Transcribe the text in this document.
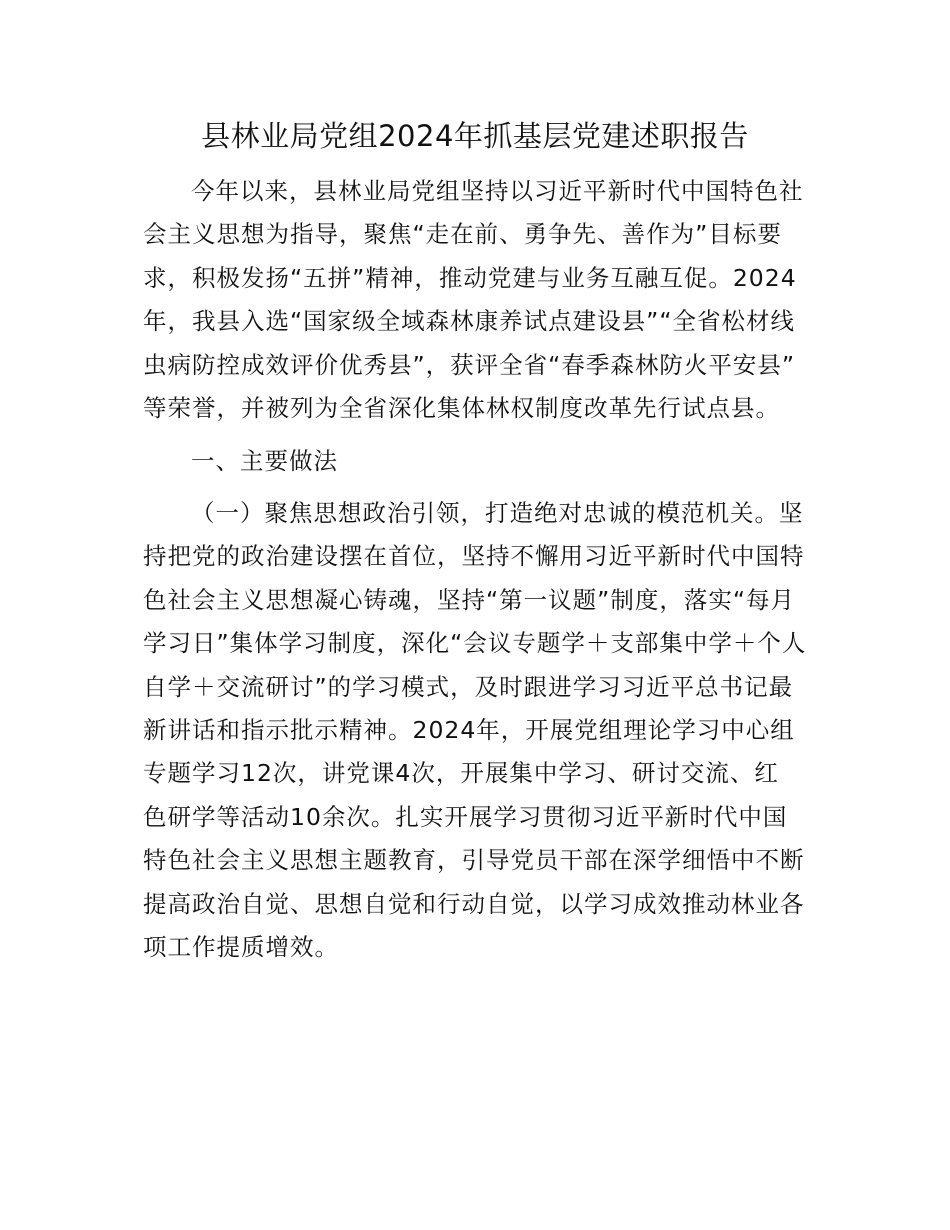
县林业局党组2024年抓基层党建述职报告
今年以来，县林业局党组坚持以习近平新时代中国特色社
会主义思想为指导，聚焦“走在前、勇争先、善作为”目标要
求，积极发扬“五拼”精神，推动党建与业务互融互促。2024
年，我县入选“国家级全域森林康养试点建设县”“全省松材线
虫病防控成效评价优秀县”，获评全省“春季森林防火平安县”
等荣誉，并被列为全省深化集体林权制度改革先行试点县。
一、主要做法
（一）聚焦思想政治引领，打造绝对忠诚的模范机关。坚
持把党的政治建设摆在首位，坚持不懈用习近平新时代中国特
色社会主义思想凝心铸魂，坚持“第一议题”制度，落实“每月
学习日”集体学习制度，深化“会议专题学＋支部集中学＋个人
自学＋交流研讨”的学习模式，及时跟进学习习近平总书记最
新讲话和指示批示精神。2024年，开展党组理论学习中心组
专题学习12次，讲党课4次，开展集中学习、研讨交流、红
色研学等活动10余次。扎实开展学习贯彻习近平新时代中国
特色社会主义思想主题教育，引导党员干部在深学细悟中不断
提高政治自觉、思想自觉和行动自觉，以学习成效推动林业各
项工作提质增效。
